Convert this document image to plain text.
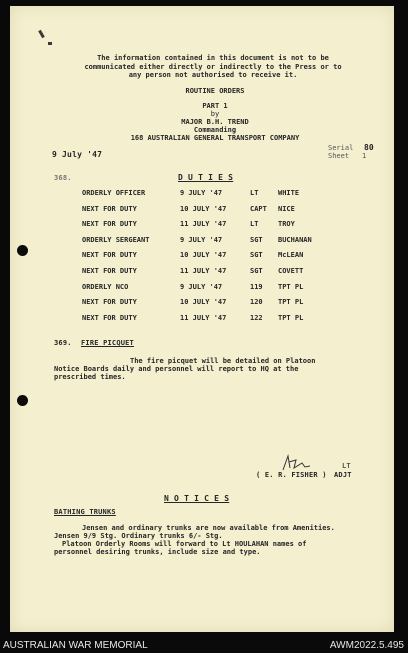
The information contained in this document is not to be communicated either directly or indirectly to the Press or to any person not authorised to receive it.
ROUTINE ORDERS
PART 1
by
MAJOR B.H. TREND
Commanding
168 AUSTRALIAN GENERAL TRANSPORT COMPANY
9 July '47
Serial 80
Sheet 1
368.	D U T I E S
ORDERLY OFFICER	9 JULY '47	LT	WHITE
NEXT FOR DUTY	10 JULY '47	CAPT NICE
NEXT FOR DUTY	11 JULY '47	LT	TROY
ORDERLY SERGEANT	9 JULY '47	SGT BUCHANAN
NEXT FOR DUTY	10 JULY '47	SGT McLEAN
NEXT FOR DUTY	11 JULY '47	SGT COVETT
ORDERLY NCO	9 JULY '47	119 TPT PL
NEXT FOR DUTY	10 JULY '47	120 TPT PL
NEXT FOR DUTY	11 JULY '47	122 TPT PL
369. FIRE PICQUET
The fire picquet will be detailed on Platoon
Notice Boards daily and personnel will report to HQ at the
prescribed times.
LT
( E. R. FISHER ) ADJT
N O T I C E S
BATHING TRUNKS
Jensen and ordinary trunks are now available from Amenities.
Jensen 9/9 Stg. Ordinary trunks 6/- Stg.
Platoon Orderly Rooms will forward to Lt HOULAHAN names of
personnel desiring trunks, include size and type.
AUSTRALIAN WAR MEMORIAL	AWM2022.5.495
